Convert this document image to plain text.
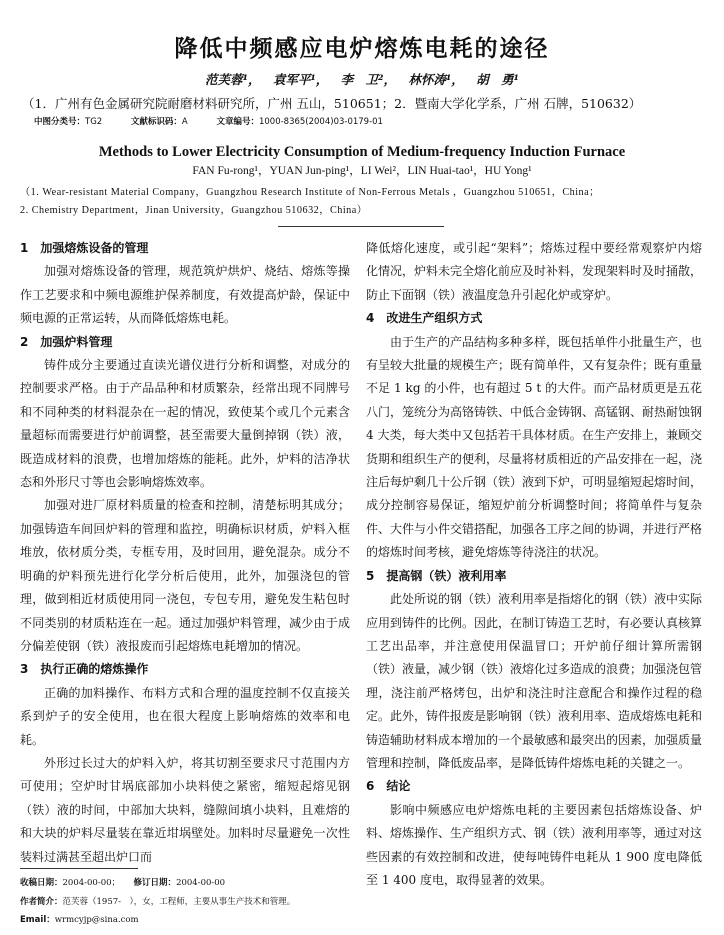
降低中频感应电炉熔炼电耗的途径
范芙蓉¹， 袁军平¹， 李 卫²， 林怀涛¹， 胡 勇¹
（1．广州有色金属研究院耐磨材料研究所，广州 五山，510651；2．暨南大学化学系，广州 石牌，510632）
中图分类号：TG2	文献标识码：A	文章编号：1000-8365(2004)03-0179-01
Methods to Lower Electricity Consumption of Medium-frequency Induction Furnace
FAN Fu-rong¹，YUAN Jun-ping¹，LI Wei²，LIN Huai-tao¹，HU Yong¹
（1. Wear-resistant Material Company，Guangzhou Research Institute of Non-Ferrous Metals ，Guangzhou 510651，China；
2. Chemistry Department，Jinan University，Guangzhou 510632，China）
1　加强熔炼设备的管理

加强对熔炼设备的管理，规范筑炉烘炉、烧结、熔炼等操作工艺要求和中频电源维护保养制度，有效提高炉龄，保证中频电源的正常运转，从而降低熔炼电耗。

2　加强炉料管理

铸件成分主要通过直读光谱仪进行分析和调整，对成分的控制要求严格。由于产品品种和材质繁杂，经常出现不同牌号和不同种类的材料混杂在一起的情况，致使某个或几个元素含量超标而需要进行炉前调整，甚至需要大量倒掉钢（铁）液，既造成材料的浪费，也增加熔炼的能耗。此外，炉料的洁净状态和外形尺寸等也会影响熔炼效率。

加强对进厂原材料质量的检查和控制，清楚标明其成分；加强铸造车间回炉料的管理和监控，明确标识材质，炉料入框堆放，依材质分类，专框专用，及时回用，避免混杂。成分不明确的炉料预先进行化学分析后使用，此外，加强浇包的管理，做到相近材质使用同一浇包，专包专用，避免发生粘包时不同类别的材质粘连在一起。通过加强炉料管理，减少由于成分偏差使钢（铁）液报废而引起熔炼电耗增加的情况。

3　执行正确的熔炼操作

正确的加料操作、布料方式和合理的温度控制不仅直接关系到炉子的安全使用，也在很大程度上影响熔炼的效率和电耗。

外形过长过大的炉料入炉，将其切割至要求尺寸范围内方可使用；空炉时甘埚底部加小块料使之紧密，缩短起熔见钢（铁）液的时间，中部加大块料，缝隙间填小块料，且难熔的和大块的炉料尽量装在靠近坩埚壁处。加料时尽量避免一次性装料过满甚至超出炉口而

降低熔化速度，或引起“架料”；熔炼过程中要经常观察炉内熔化情况，炉料未完全熔化前应及时补料，发现架料时及时捅散，防止下面钢（铁）液温度急升引起化炉或穿炉。

4　改进生产组织方式

由于生产的产品结构多种多样，既包括单件小批量生产，也有呈较大批量的规模生产；既有简单件，又有复杂件；既有重量不足 1 kg 的小件，也有超过 5 t 的大件。而产品材质更是五花八门，笼统分为高铬铸铁、中低合金铸钢、高锰钢、耐热耐蚀钢 4 大类，每大类中又包括若干具体材质。在生产安排上，兼顾交货期和组织生产的便利，尽量将材质相近的产品安排在一起，浇注后每炉剩几十公斤钢（铁）液到下炉，可明显缩短起熔时间，成分控制容易保证，缩短炉前分析调整时间；将简单件与复杂件、大件与小件交错搭配，加强各工序之间的协调，并进行严格的熔炼时间考核，避免熔炼等待浇注的状况。

5　提高钢（铁）液利用率

此处所说的钢（铁）液利用率是指熔化的钢（铁）液中实际应用到铸件的比例。因此，在制订铸造工艺时，有必要认真核算工艺出品率，并注意使用保温冒口；开炉前仔细计算所需钢（铁）液量，减少钢（铁）液熔化过多造成的浪费；加强浇包管理，浇注前严格烤包，出炉和浇注时注意配合和操作过程的稳定。此外，铸件报废是影响钢（铁）液利用率、造成熔炼电耗和铸造辅助材料成本增加的一个最敏感和最突出的因素，加强质量管理和控制，降低废品率，是降低铸件熔炼电耗的关键之一。

6　结论

影响中频感应电炉熔炼电耗的主要因素包括熔炼设备、炉料、熔炼操作、生产组织方式、钢（铁）液利用率等，通过对这些因素的有效控制和改进，使每吨铸件电耗从 1 900 度电降低至 1 400 度电，取得显著的效果。

收稿日期：2004-00-00； 修订日期：2004-00-00
作者简介：范芙蓉（1957-　），女，工程师，主要从事生产技术和管理。
Email：wrmcyjp@sina.com
